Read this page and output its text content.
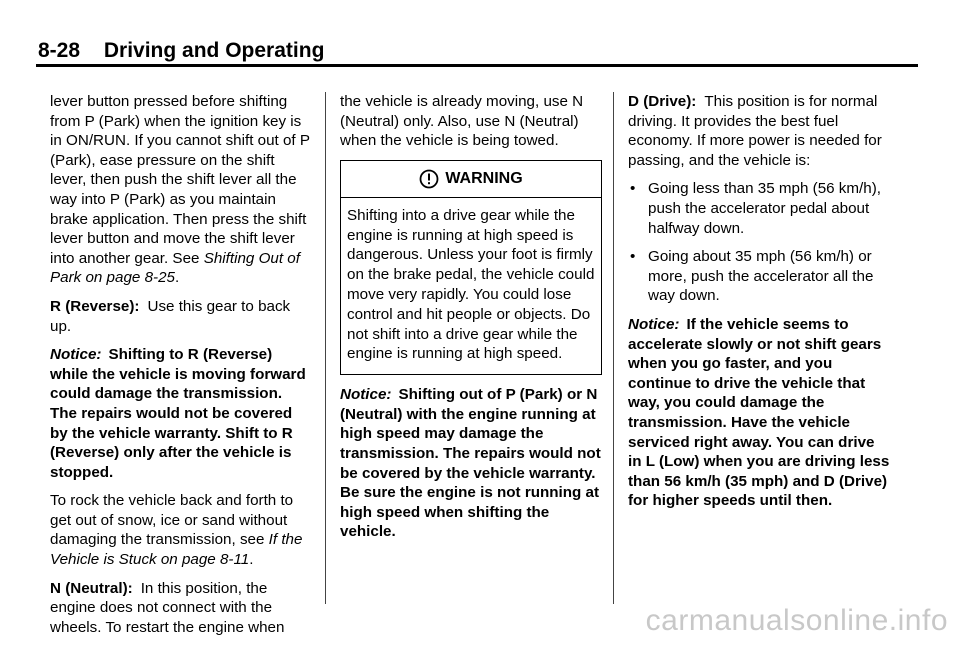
8-28 Driving and Operating

lever button pressed before shifting from P (Park) when the ignition key is in ON/RUN. If you cannot shift out of P (Park), ease pressure on the shift lever, then push the shift lever all the way into P (Park) as you maintain brake application. Then press the shift lever button and move the shift lever into another gear. See Shifting Out of Park on page 8-25.

R (Reverse): Use this gear to back up.

Notice: Shifting to R (Reverse) while the vehicle is moving forward could damage the transmission. The repairs would not be covered by the vehicle warranty. Shift to R (Reverse) only after the vehicle is stopped.

To rock the vehicle back and forth to get out of snow, ice or sand without damaging the transmission, see If the Vehicle is Stuck on page 8-11.

N (Neutral): In this position, the engine does not connect with the wheels. To restart the engine when

the vehicle is already moving, use N (Neutral) only. Also, use N (Neutral) when the vehicle is being towed.

WARNING
Shifting into a drive gear while the engine is running at high speed is dangerous. Unless your foot is firmly on the brake pedal, the vehicle could move very rapidly. You could lose control and hit people or objects. Do not shift into a drive gear while the engine is running at high speed.

Notice: Shifting out of P (Park) or N (Neutral) with the engine running at high speed may damage the transmission. The repairs would not be covered by the vehicle warranty. Be sure the engine is not running at high speed when shifting the vehicle.

D (Drive): This position is for normal driving. It provides the best fuel economy. If more power is needed for passing, and the vehicle is:

• Going less than 35 mph (56 km/h), push the accelerator pedal about halfway down.
• Going about 35 mph (56 km/h) or more, push the accelerator all the way down.

Notice: If the vehicle seems to accelerate slowly or not shift gears when you go faster, and you continue to drive the vehicle that way, you could damage the transmission. Have the vehicle serviced right away. You can drive in L (Low) when you are driving less than 56 km/h (35 mph) and D (Drive) for higher speeds until then.

carmanualsonline.info
